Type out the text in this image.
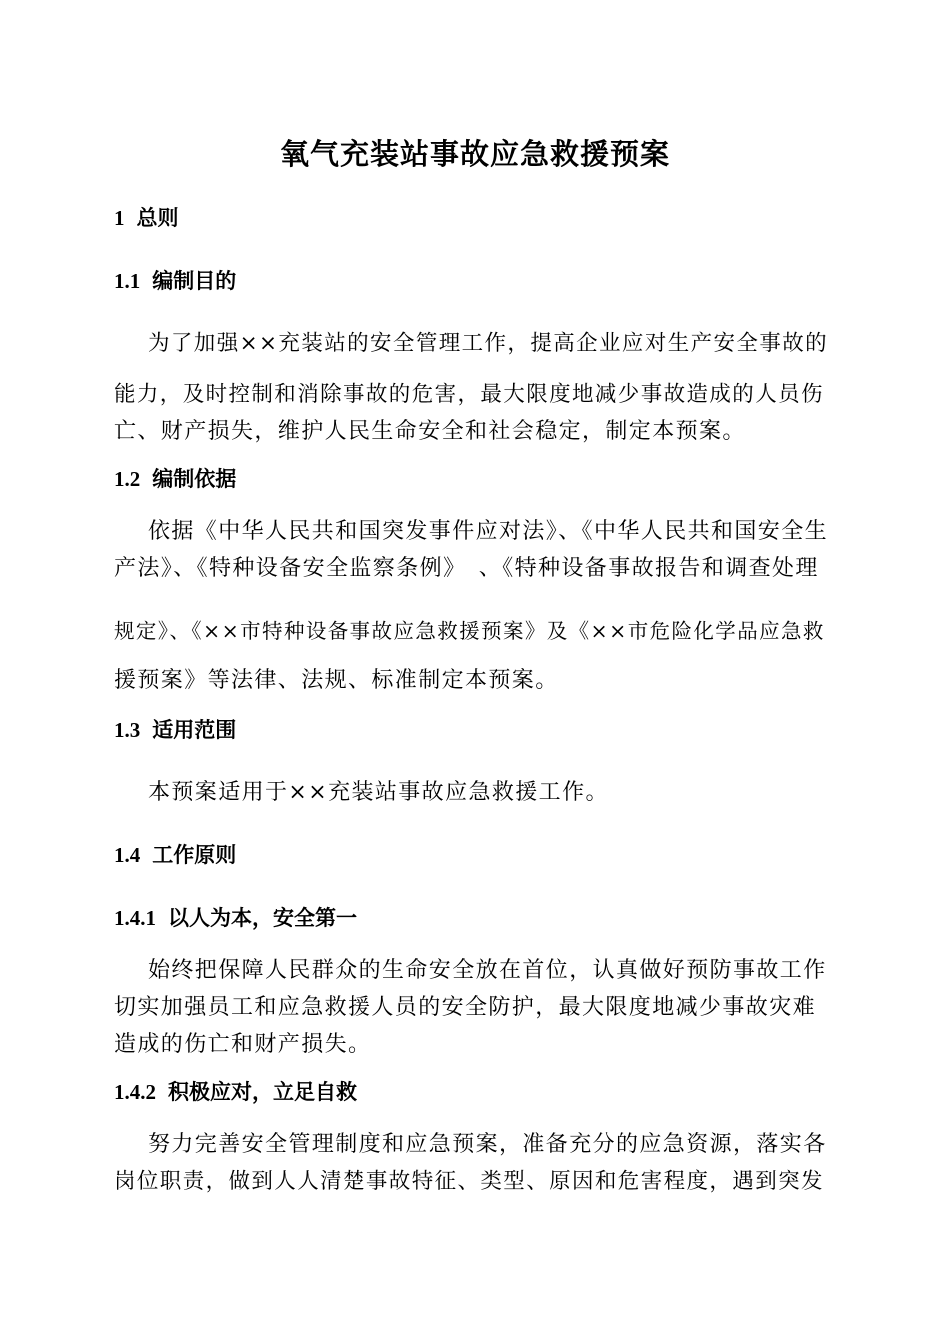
氧气充装站事故应急救援预案
1 总则
1.1 编制目的
为了加强××充装站的安全管理工作，提高企业应对生产安全事故的
能力，及时控制和消除事故的危害，最大限度地减少事故造成的人员伤
亡、财产损失，维护人民生命安全和社会稳定，制定本预案。
1.2 编制依据
依据《中华人民共和国突发事件应对法》、《中华人民共和国安全生
产法》、《特种设备安全监察条例》　、《特种设备事故报告和调查处理
规定》、《××市特种设备事故应急救援预案》及《××市危险化学品应急救
援预案》等法律、法规、标准制定本预案。
1.3 适用范围
本预案适用于××充装站事故应急救援工作。
1.4 工作原则
1.4.1 以人为本，安全第一
始终把保障人民群众的生命安全放在首位，认真做好预防事故工作
切实加强员工和应急救援人员的安全防护，最大限度地减少事故灾难
造成的伤亡和财产损失。
1.4.2 积极应对，立足自救
努力完善安全管理制度和应急预案，准备充分的应急资源，落实各
岗位职责，做到人人清楚事故特征、类型、原因和危害程度，遇到突发
